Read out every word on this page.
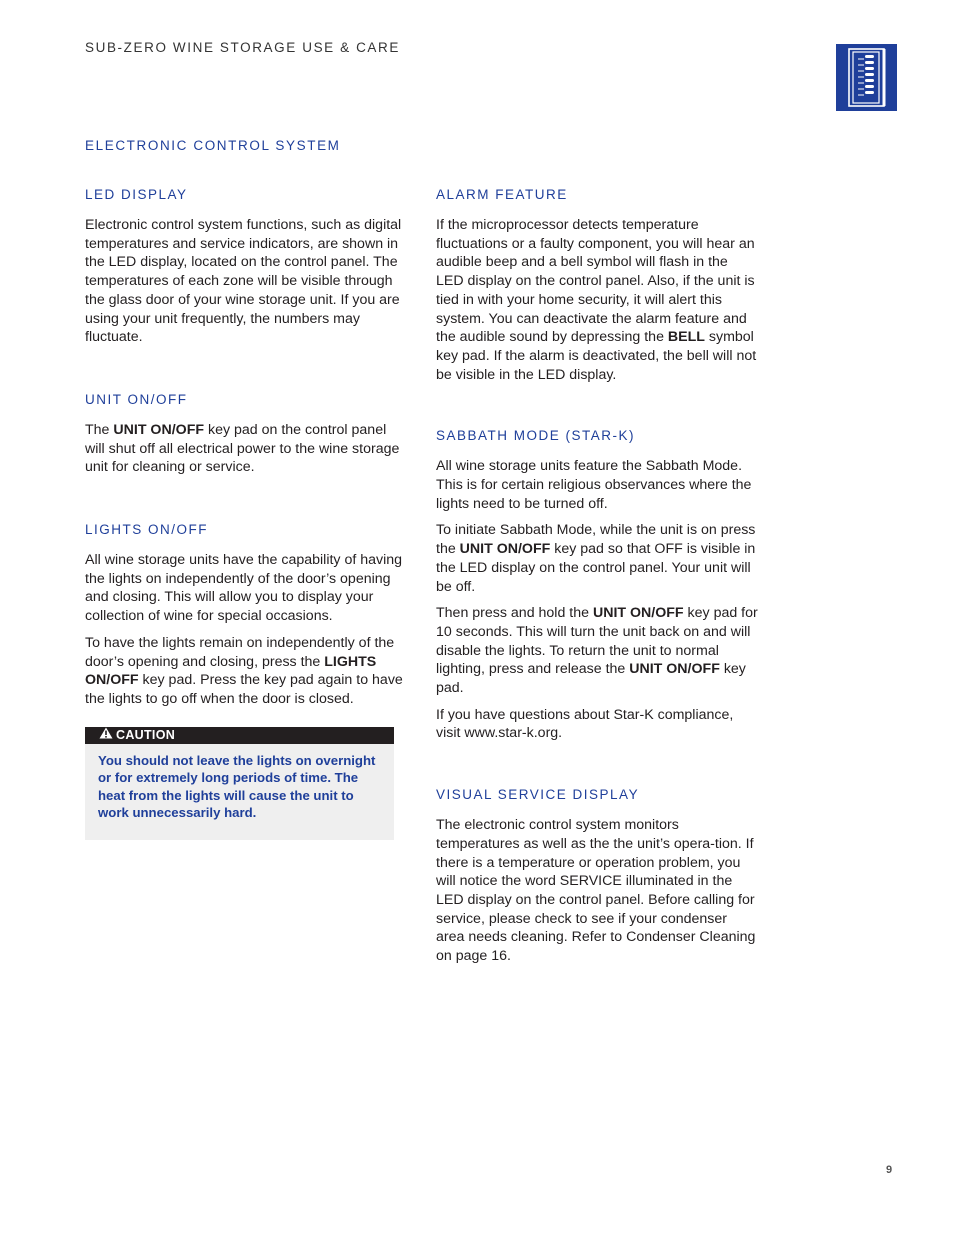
SUB-ZERO WINE STORAGE USE & CARE
ELECTRONIC CONTROL SYSTEM
LED DISPLAY

Electronic control system functions, such as digital temperatures and service indicators, are shown in the LED display, located on the control panel. The temperatures of each zone will be visible through the glass door of your wine storage unit. If you are using your unit frequently, the numbers may fluctuate.

UNIT ON/OFF

The UNIT ON/OFF key pad on the control panel will shut off all electrical power to the wine storage unit for cleaning or service.

LIGHTS ON/OFF

All wine storage units have the capability of having the lights on independently of the door’s opening and closing. This will allow you to display your collection of wine for special occasions.

To have the lights remain on independently of the door’s opening and closing, press the LIGHTS ON/OFF key pad. Press the key pad again to have the lights to go off when the door is closed.

CAUTION
You should not leave the lights on overnight or for extremely long periods of time. The heat from the lights will cause the unit to work unnecessarily hard.
ALARM FEATURE

If the microprocessor detects temperature fluctuations or a faulty component, you will hear an audible beep and a bell symbol will flash in the LED display on the control panel. Also, if the unit is tied in with your home security, it will alert this system. You can deactivate the alarm feature and the audible sound by depressing the BELL symbol key pad. If the alarm is deactivated, the bell will not be visible in the LED display.

SABBATH MODE (STAR-K)

All wine storage units feature the Sabbath Mode. This is for certain religious observances where the lights need to be turned off.

To initiate Sabbath Mode, while the unit is on press the UNIT ON/OFF key pad so that OFF is visible in the LED display on the control panel. Your unit will be off.

Then press and hold the UNIT ON/OFF key pad for 10 seconds. This will turn the unit back on and will disable the lights. To return the unit to normal lighting, press and release the UNIT ON/OFF key pad.

If you have questions about Star-K compliance, visit www.star-k.org.

VISUAL SERVICE DISPLAY

The electronic control system monitors temperatures as well as the the unit’s opera-tion. If there is a temperature or operation problem, you will notice the word SERVICE illuminated in the LED display on the control panel. Before calling for service, please check to see if your condenser area needs cleaning. Refer to Condenser Cleaning on page 16.

9
